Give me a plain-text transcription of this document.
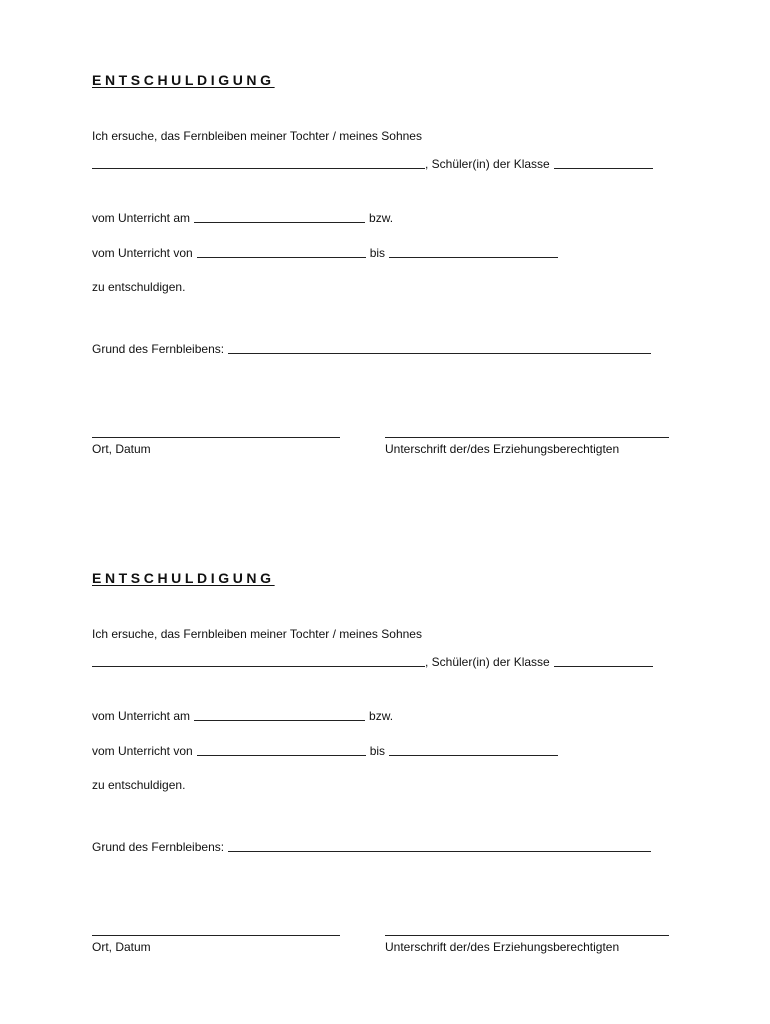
ENTSCHULDIGUNG
Ich ersuche, das Fernbleiben meiner Tochter / meines Sohnes
, Schüler(in) der Klasse
vom Unterricht am	bzw.
vom Unterricht von	bis
zu entschuldigen.
Grund des Fernbleibens:
Ort, Datum	Unterschrift der/des Erziehungsberechtigten
ENTSCHULDIGUNG
Ich ersuche, das Fernbleiben meiner Tochter / meines Sohnes
, Schüler(in) der Klasse
vom Unterricht am	bzw.
vom Unterricht von	bis
zu entschuldigen.
Grund des Fernbleibens:
Ort, Datum	Unterschrift der/des Erziehungsberechtigten
